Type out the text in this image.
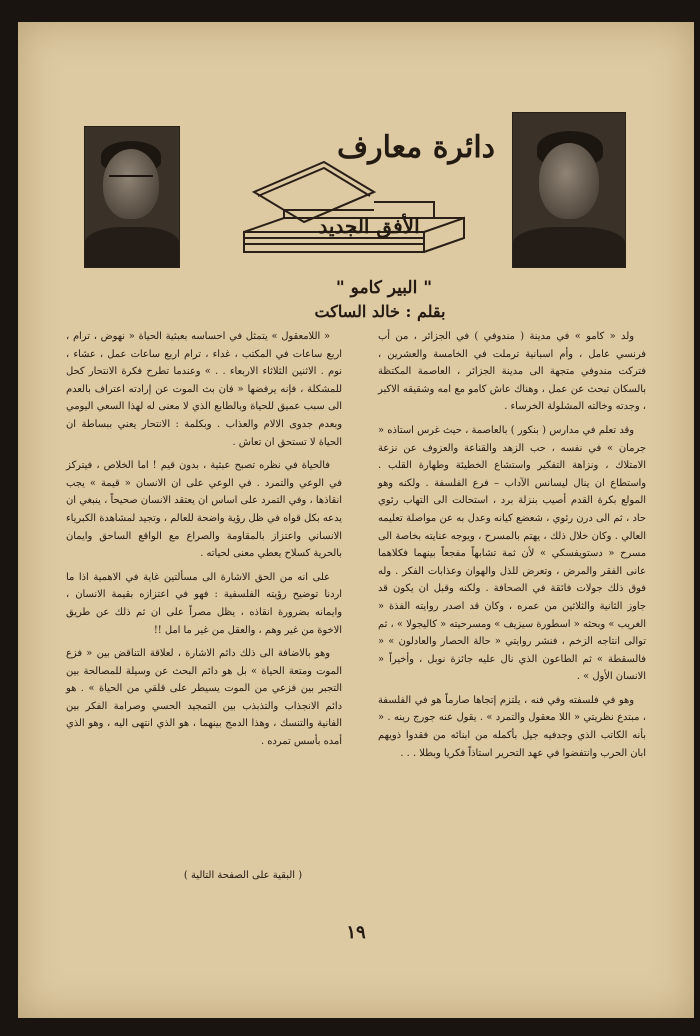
دائرة معارف
الأفق الجديد
" البير كامو "
بقلم : خالد الساكت

ولد « كامو » في مدينة ( مندوفي ) في الجزائر ، من أب فرنسي عامل ، وأم اسبانية ترملت في الخامسة والعشرين ، فتركت مندوفي متجهة الى مدينة الجزائر ، العاصمة المكتظة بالسكان تبحث عن عمل ، وهناك عاش كامو مع امه وشقيقه الاكبر ، وجدته وخالته المشلولة الخرساء .

وقد تعلم في مدارس ( بنكور ) بالعاصمة ، حيث غرس استاذه « جرمان » في نفسه ، حب الزهد والقناعة والعزوف عن نزعة الامتلاك ، ونزاهة التفكير واستشاع الخطيئة وطهارة القلب . واستطاع ان ينال ليسانس الآداب – فرع الفلسفة . ولكنه وهو المولع بكرة القدم أصيب بنزلة برد ، استحالت الى التهاب رئوي حاد ، ثم الى درن رئوي ، شعضع كيانه وعدل به عن مواصلة تعليمه العالي . وكان خلال ذلك ، يهتم بالمسرح ، ويوجه عنايته بخاصة الى مسرح « دستويفسكي » لأن ثمة تشابهاً مفجعاً بينهما فكلاهما عانى الفقر والمرض ، وتعرض للذل والهوان وعذابات الفكر . وله فوق ذلك جولات فائقة في الصحافة . ولكنه وقبل ان يكون قد جاوز الثانية والثلاثين من عمره ، وكان قد اصدر روايته الفذة « الغريب » وبحثه « اسطورة سيزيف » ومسرحيته « كاليجولا » ، ثم توالى انتاجه الزخم ، فنشر روايتي « حالة الحصار والعادلون » « فالسقطة » ثم الطاعون الذي نال عليه جائزة نوبل ، وأخيراً « الانسان الأول » .

وهو في فلسفته وفي فنه ، يلتزم إتجاها صارماً هو في الفلسفة ، مبتدع نظريتي « اللا معقول والتمرد » . يقول عنه جورج رينه . « بأنه الكاتب الذي وجدفيه جيل بأكمله من ابنائه من فقدوا ذويهم ابان الحرب وانتفضوا في عهد التحرير استاذاً فكريا وبطلا . . .

« اللامعقول » يتمثل في احساسه بعبثية الحياة « نهوض ، ترام ، اربع ساعات في المكتب ، غداء ، ترام اربع ساعات عمل ، عشاء ، نوم . الاثنين الثلاثاء الاربعاء . . » وعندما تطرح فكرة الانتحار كحل للمشكلة ، فإنه يرفضها « فان بث الموت عن إرادته اعتراف بالعدم الى سبب عميق للحياة وبالطابع الذي لا معنى له لهذا السعي اليومي وبعدم جدوى الالام والعذاب . وبكلمة : الانتحار يعني ببساطة ان الحياة لا تستحق ان تعاش .

فالحياة في نظره تصبح عبثية ، بدون قيم ! اما الخلاص ، فيتركز في الوعي والتمرد . في الوعي على ان الانسان « قيمة » يجب انقاذها ، وفي التمرد على اساس ان يعتقد الانسان صحيحاً ، ينبغي ان يدعه بكل قواه في ظل رؤية واضحة للعالم ، وتجيد لمشاهدة الكبرياء الانساني واعتزاز بالمقاومة والصراع مع الواقع الساحق وايمان بالحرية كسلاح يعطي معنى لحياته .

على انه من الحق الاشارة الى مسألتين غاية في الاهمية اذا ما اردنا توضيح رؤيته الفلسفية : فهو في اعتزازه بقيمة الانسان ، وايمانه بضرورة انقاذه ، يظل مصراً على ان ثم ذلك عن طريق الاخوة من غير وهم ، والعقل من غير ما امل !!

وهو بالاضافة الى ذلك دائم الاشارة ، لعلاقة التناقض بين « فزع الموت ومتعة الحياة » بل هو دائم البحث عن وسيلة للمصالحة بين التجبر بين فزعي من الموت يسيطر على قلقي من الحياة » . هو دائم الانجذاب والتذبذب بين التمجيد الحسي وصرامة الفكر بين الفانية والتنسك ، وهذا الدمج بينهما ، هو الذي انتهى اليه ، وهو الذي أمده بأسس تمرده .

( البقية على الصفحة التالية )
١٩
